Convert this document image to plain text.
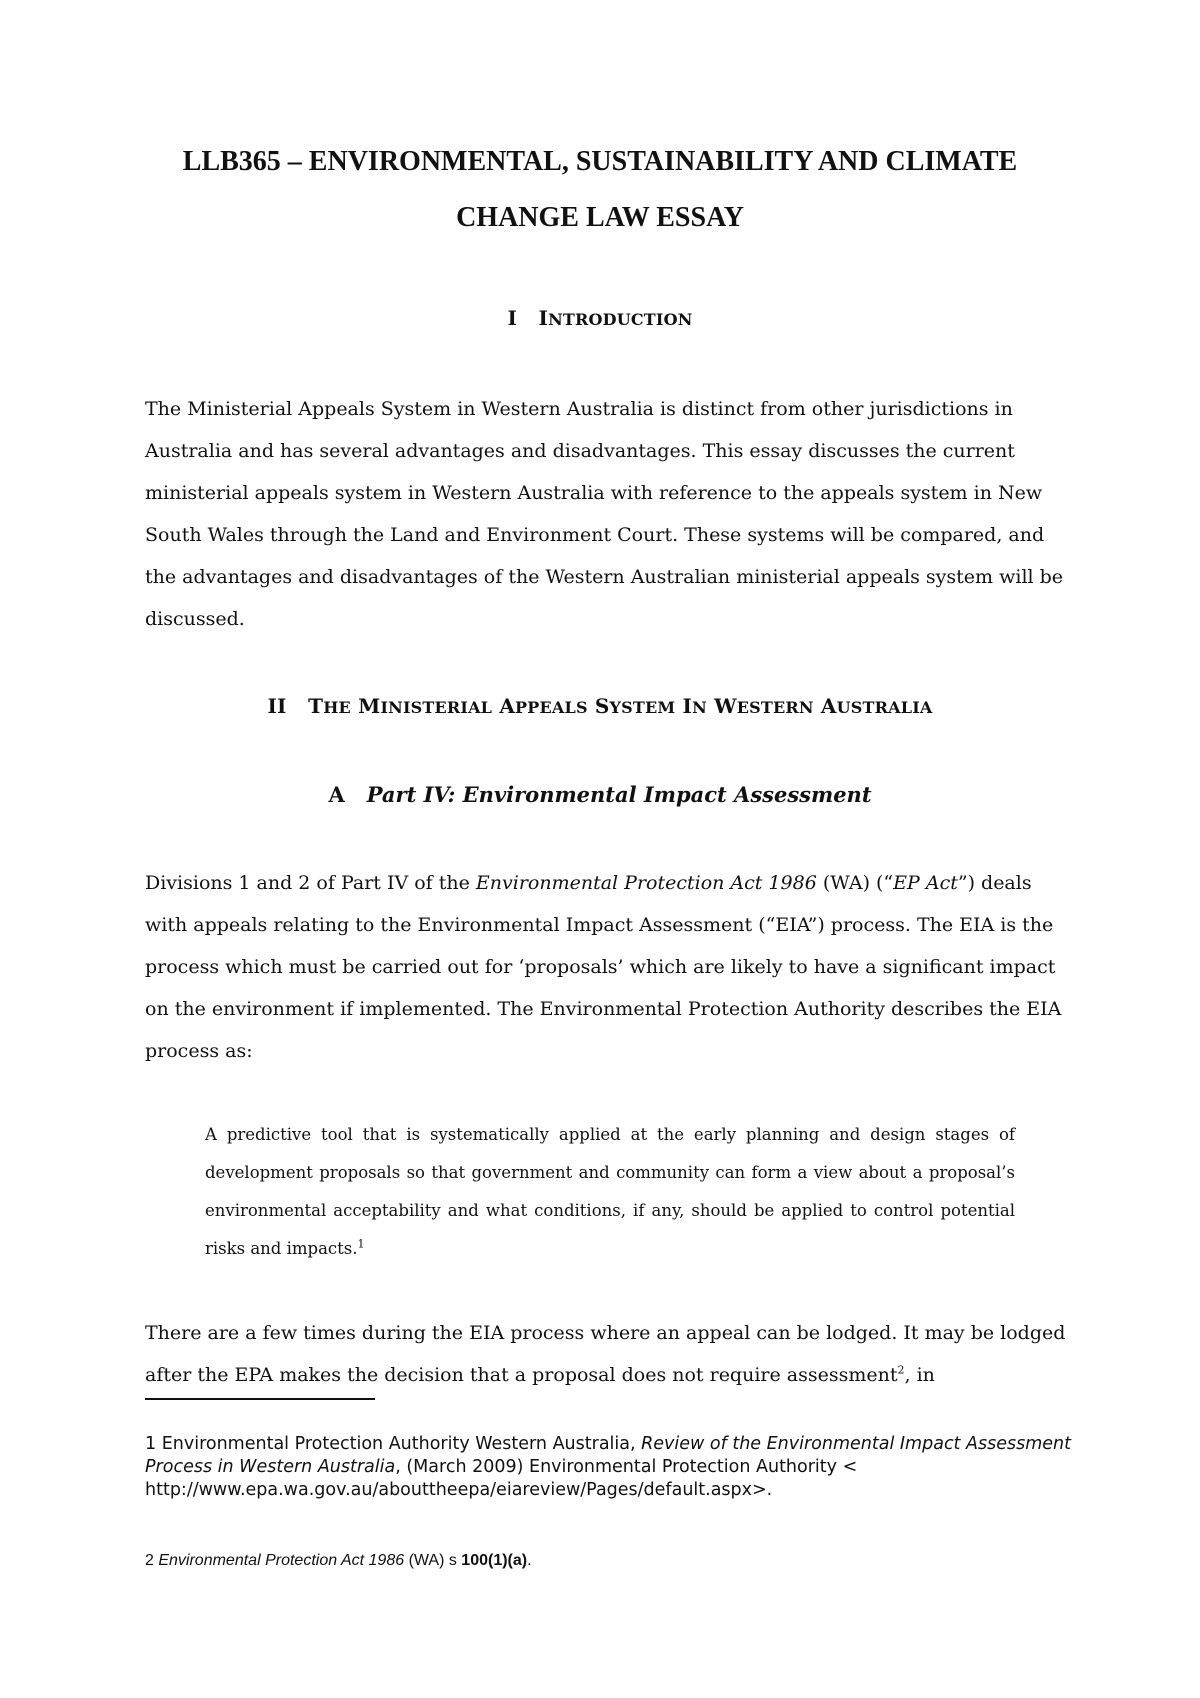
LLB365 – ENVIRONMENTAL, SUSTAINABILITY AND CLIMATE
CHANGE LAW ESSAY
I INTRODUCTION

The Ministerial Appeals System in Western Australia is distinct from other jurisdictions in Australia and has several advantages and disadvantages. This essay discusses the current ministerial appeals system in Western Australia with reference to the appeals system in New South Wales through the Land and Environment Court. These systems will be compared, and the advantages and disadvantages of the Western Australian ministerial appeals system will be discussed.

II THE MINISTERIAL APPEALS SYSTEM IN WESTERN AUSTRALIA
A Part IV: Environmental Impact Assessment

Divisions 1 and 2 of Part IV of the Environmental Protection Act 1986 (WA) (“EP Act”) deals with appeals relating to the Environmental Impact Assessment (“EIA”) process. The EIA is the process which must be carried out for ‘proposals’ which are likely to have a significant impact on the environment if implemented. The Environmental Protection Authority describes the EIA process as:

A predictive tool that is systematically applied at the early planning and design stages of development proposals so that government and community can form a view about a proposal’s environmental acceptability and what conditions, if any, should be applied to control potential risks and impacts.$^1$

There are a few times during the EIA process where an appeal can be lodged. It may be lodged after the EPA makes the decision that a proposal does not require assessment$^2$, in

1 Environmental Protection Authority Western Australia, Review of the Environmental Impact Assessment Process in Western Australia, (March 2009) Environmental Protection Authority < http://www.epa.wa.gov.au/abouttheepa/eiareview/Pages/default.aspx>.

2 Environmental Protection Act 1986 (WA) s 100(1)(a).
